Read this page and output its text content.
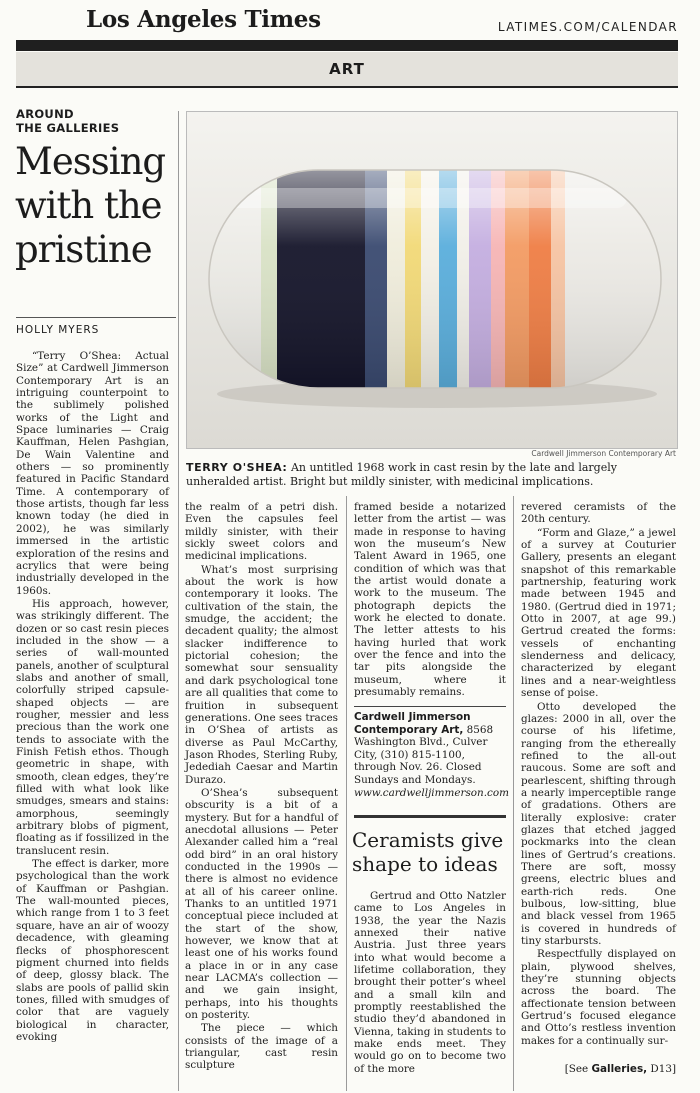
Los Angeles Times	LATIMES.COM/CALENDAR
ART
AROUND
THE GALLERIES
Messing
with the
pristine
HOLLY MYERS
Cardwell Jimmerson Contemporary Art
TERRY O'SHEA: An untitled 1968 work in cast resin by the late and largely unheralded artist. Bright but mildly sinister, with medicinal implications.

“Terry O’Shea: Actual Size” at Cardwell Jimmerson Contemporary Art is an intriguing counterpoint to the sublimely polished works of the Light and Space luminaries — Craig Kauffman, Helen Pashgian, De Wain Valentine and others — so prominently featured in Pacific Standard Time. A contemporary of those artists, though far less known today (he died in 2002), he was similarly immersed in the artistic exploration of the resins and acrylics that were being industrially developed in the 1960s.

His approach, however, was strikingly different. The dozen or so cast resin pieces included in the show — a series of wall-mounted panels, another of sculptural slabs and another of small, colorfully striped capsule-shaped objects — are rougher, messier and less precious than the work one tends to associate with the Finish Fetish ethos. Though geometric in shape, with smooth, clean edges, they’re filled with what look like smudges, smears and stains: amorphous, seemingly arbitrary blobs of pigment, floating as if fossilized in the translucent resin.

The effect is darker, more psychological than the work of Kauffman or Pashgian. The wall-mounted pieces, which range from 1 to 3 feet square, have an air of woozy decadence, with gleaming flecks of phosphorescent pigment churned into fields of deep, glossy black. The slabs are pools of pallid skin tones, filled with smudges of color that are vaguely biological in character, evoking

the realm of a petri dish. Even the capsules feel mildly sinister, with their sickly sweet colors and medicinal implications.

What’s most surprising about the work is how contemporary it looks. The cultivation of the stain, the smudge, the accident; the decadent quality; the almost slacker indifference to pictorial cohesion; the somewhat sour sensuality and dark psychological tone are all qualities that come to fruition in subsequent generations. One sees traces in O’Shea of artists as diverse as Paul McCarthy, Jason Rhodes, Sterling Ruby, Jedediah Caesar and Martin Durazo.

O’Shea’s subsequent obscurity is a bit of a mystery. But for a handful of anecdotal allusions — Peter Alexander called him a “real odd bird” in an oral history conducted in the 1990s — there is almost no evidence at all of his career online. Thanks to an untitled 1971 conceptual piece included at the start of the show, however, we know that at least one of his works found a place in or in any case near LACMA’s collection — and we gain insight, perhaps, into his thoughts on posterity.

The piece — which consists of the image of a triangular, cast resin sculpture

framed beside a notarized letter from the artist — was made in response to having won the museum’s New Talent Award in 1965, one condition of which was that the artist would donate a work to the museum. The photograph depicts the work he elected to donate. The letter attests to his having hurled that work over the fence and into the tar pits alongside the museum, where it presumably remains.

Cardwell Jimmerson Contemporary Art, 8568 Washington Blvd., Culver City, (310) 815-1100, through Nov. 26. Closed Sundays and Mondays. www.cardwelljimmerson.com
Ceramists give shape to ideas

Gertrud and Otto Natzler came to Los Angeles in 1938, the year the Nazis annexed their native Austria. Just three years into what would become a lifetime collaboration, they brought their potter’s wheel and a small kiln and promptly reestablished the studio they’d abandoned in Vienna, taking in students to make ends meet. They would go on to become two of the more

revered ceramists of the 20th century.

“Form and Glaze,” a jewel of a survey at Couturier Gallery, presents an elegant snapshot of this remarkable partnership, featuring work made between 1945 and 1980. (Gertrud died in 1971; Otto in 2007, at age 99.) Gertrud created the forms: vessels of enchanting slenderness and delicacy, characterized by elegant lines and a near-weightless sense of poise.

Otto developed the glazes: 2000 in all, over the course of his lifetime, ranging from the ethereally refined to the all-out raucous. Some are soft and pearlescent, shifting through a nearly imperceptible range of gradations. Others are literally explosive: crater glazes that etched jagged pockmarks into the clean lines of Gertrud’s creations. There are soft, mossy greens, electric blues and earth-rich reds. One bulbous, low-sitting, blue and black vessel from 1965 is covered in hundreds of tiny starbursts.

Respectfully displayed on plain, plywood shelves, they’re stunning objects across the board. The affectionate tension between Gertrud’s focused elegance and Otto’s restless invention makes for a continually sur-

[See Galleries, D13]
